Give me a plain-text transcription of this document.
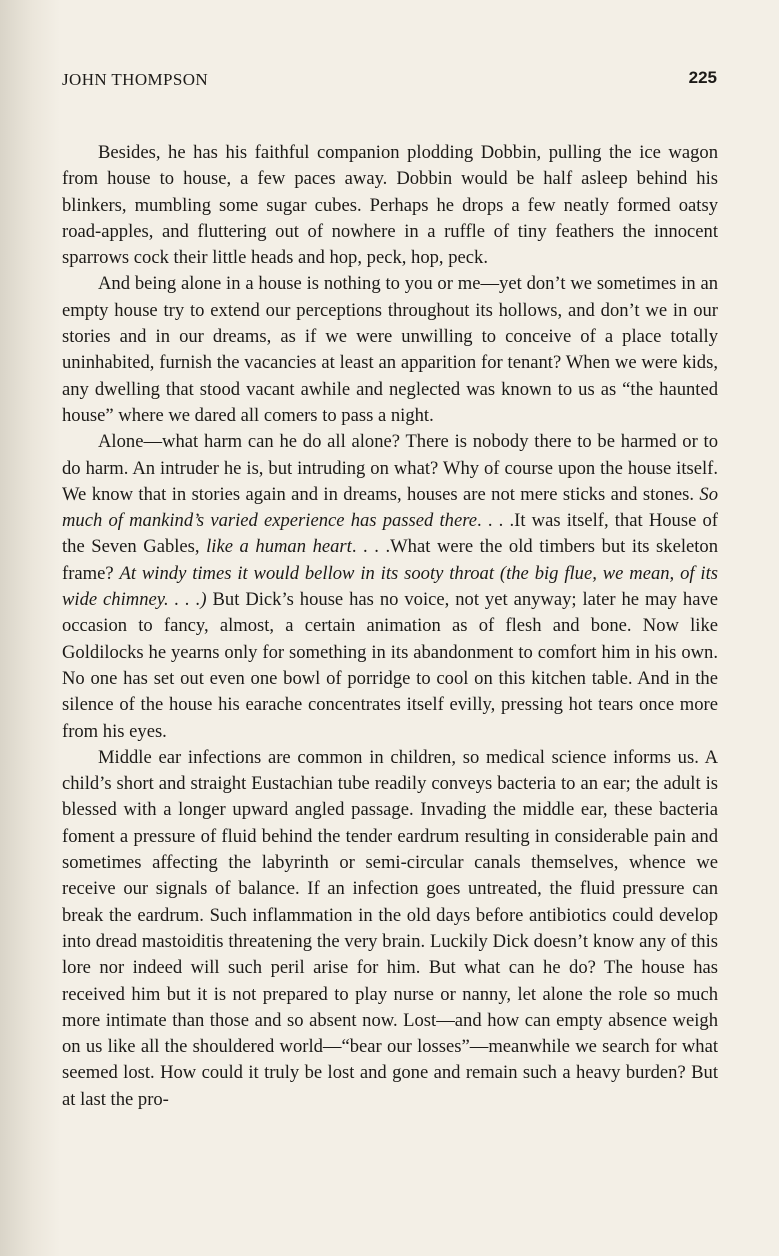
JOHN THOMPSON	225

Besides, he has his faithful companion plodding Dobbin, pulling the ice wagon from house to house, a few paces away. Dobbin would be half asleep behind his blinkers, mumbling some sugar cubes. Perhaps he drops a few neatly formed oatsy road-apples, and fluttering out of nowhere in a ruffle of tiny feathers the innocent sparrows cock their little heads and hop, peck, hop, peck.

And being alone in a house is nothing to you or me—yet don’t we sometimes in an empty house try to extend our perceptions throughout its hollows, and don’t we in our stories and in our dreams, as if we were unwilling to conceive of a place totally uninhabited, furnish the vacancies at least an apparition for tenant? When we were kids, any dwelling that stood vacant awhile and neglected was known to us as “the haunted house” where we dared all comers to pass a night.

Alone—what harm can he do all alone? There is nobody there to be harmed or to do harm. An intruder he is, but intruding on what? Why of course upon the house itself. We know that in stories again and in dreams, houses are not mere sticks and stones. So much of mankind’s varied experience has passed there. . . .It was itself, that House of the Seven Gables, like a human heart. . . .What were the old timbers but its skeleton frame? At windy times it would bellow in its sooty throat (the big flue, we mean, of its wide chimney. . . .) But Dick’s house has no voice, not yet anyway; later he may have occasion to fancy, almost, a certain animation as of flesh and bone. Now like Goldilocks he yearns only for something in its abandonment to comfort him in his own. No one has set out even one bowl of porridge to cool on this kitchen table. And in the silence of the house his earache concentrates itself evilly, pressing hot tears once more from his eyes.

Middle ear infections are common in children, so medical science informs us. A child’s short and straight Eustachian tube readily conveys bacteria to an ear; the adult is blessed with a longer upward angled passage. Invading the middle ear, these bacteria foment a pressure of fluid behind the tender eardrum resulting in considerable pain and sometimes affecting the labyrinth or semi-circular canals themselves, whence we receive our signals of balance. If an infection goes untreated, the fluid pressure can break the eardrum. Such inflammation in the old days before antibiotics could develop into dread mastoiditis threatening the very brain. Luckily Dick doesn’t know any of this lore nor indeed will such peril arise for him. But what can he do? The house has received him but it is not prepared to play nurse or nanny, let alone the role so much more intimate than those and so absent now. Lost—and how can empty absence weigh on us like all the shouldered world—“bear our losses”—meanwhile we search for what seemed lost. How could it truly be lost and gone and remain such a heavy burden? But at last the pro-
